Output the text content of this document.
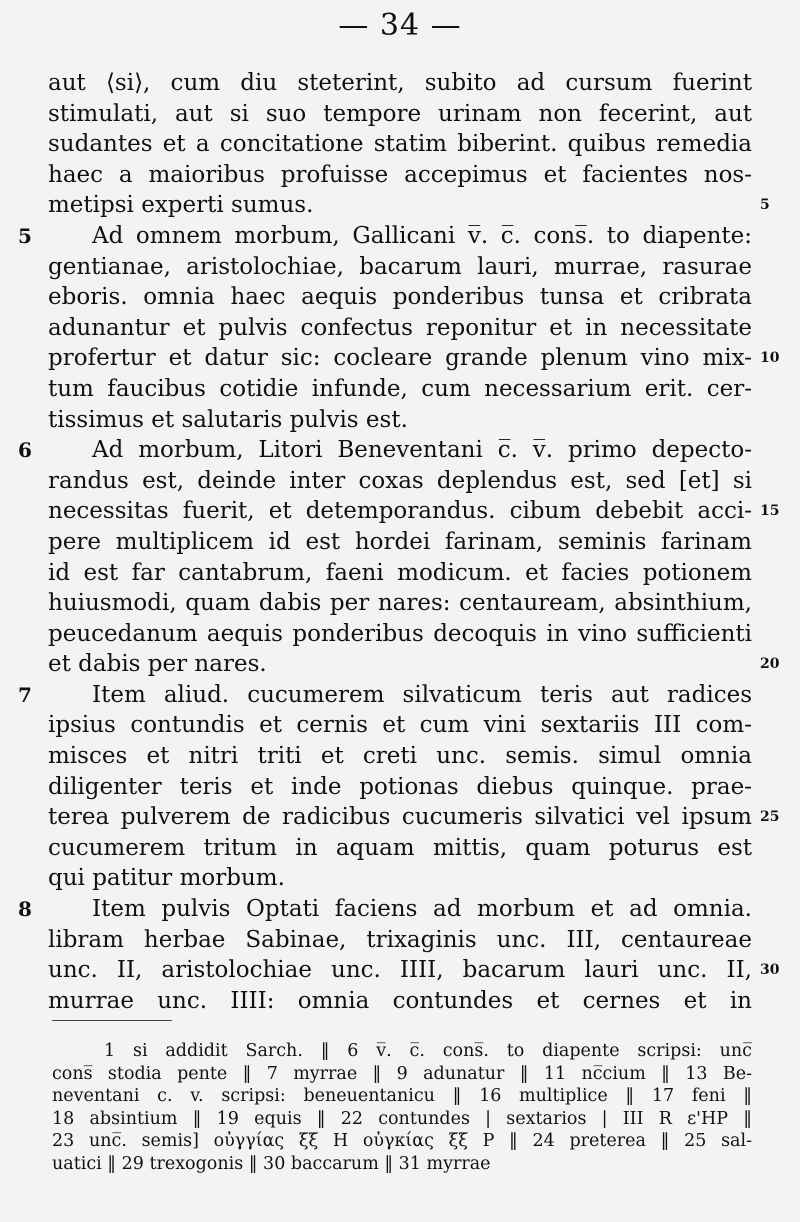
— 34 —
aut ⟨si⟩, cum diu steterint, subito ad cursum fuerint
stimulati, aut si suo tempore urinam non fecerint, aut
sudantes et a concitatione statim biberint. quibus remedia
haec a maioribus profuisse accepimus et facientes nos-
metipsi experti sumus.	5
5	Ad omnem morbum, Gallicani v̅. c̅. cons̅. to diapente:
gentianae, aristolochiae, bacarum lauri, murrae, rasurae
eboris. omnia haec aequis ponderibus tunsa et cribrata
adunantur et pulvis confectus reponitur et in necessitate
profertur et datur sic: cocleare grande plenum vino mix- 10
tum faucibus cotidie infunde, cum necessarium erit. cer-
tissimus et salutaris pulvis est.
6	Ad morbum, Litori Beneventani c̅. v̅. primo depecto-
randus est, deinde inter coxas deplendus est, sed [et] si
necessitas fuerit, et detemporandus. cibum debebit acci- 15
pere multiplicem id est hordei farinam, seminis farinam
id est far cantabrum, faeni modicum. et facies potionem
huiusmodi, quam dabis per nares: centauream, absinthium,
peucedanum aequis ponderibus decoquis in vino sufficienti
et dabis per nares.	20
7	Item aliud. cucumerem silvaticum teris aut radices
ipsius contundis et cernis et cum vini sextariis III com-
misces et nitri triti et creti unc. semis. simul omnia
diligenter teris et inde potionas diebus quinque. prae-
terea pulverem de radicibus cucumeris silvatici vel ipsum 25
cucumerem tritum in aquam mittis, quam poturus est
qui patitur morbum.
8	Item pulvis Optati faciens ad morbum et ad omnia.
libram herbae Sabinae, trixaginis unc. III, centaureae
unc. II, aristolochiae unc. IIII, bacarum lauri unc. II, 30
murrae unc. IIII: omnia contundes et cernes et in
1 si addidit Sarch. ‖ 6 v̅. c̅. cons̅. to diapente scripsi: unc̅
cons̅ stodia pente ‖ 7 myrrae ‖ 9 adunatur ‖ 11 nc̅cium ‖ 13 Be-
neventani c. v. scripsi: beneuentanicu ‖ 16 multiplice ‖ 17 feni ‖
18 absintium ‖ 19 equis ‖ 22 contundes | sextarios | III R ε'HP ‖
23 unc̅. semis] οὐγγίας ξ̅ξ̅ H οὐγκίας ξ̅ξ̅ P ‖ 24 preterea ‖ 25 sal-
uatici ‖ 29 trexogonis ‖ 30 baccarum ‖ 31 myrrae
